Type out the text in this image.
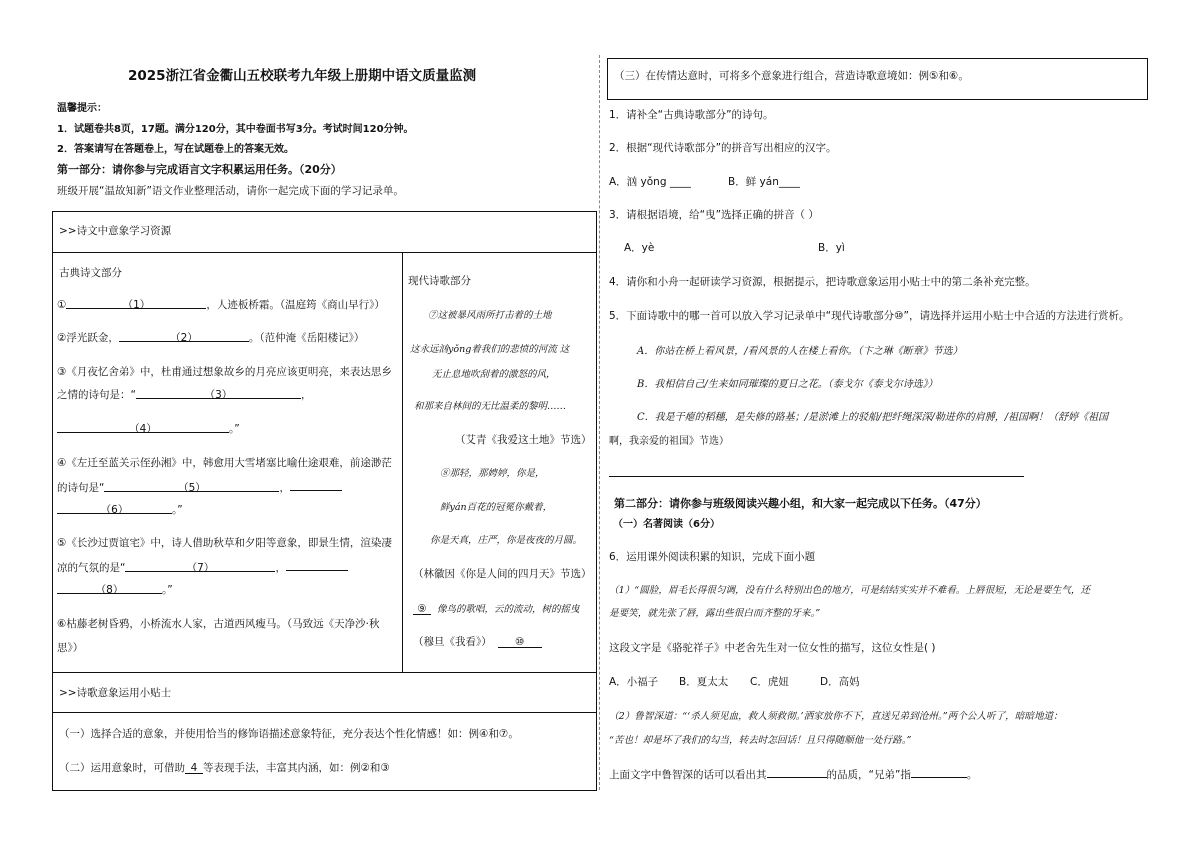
2025浙江省金衢山五校联考九年级上册期中语文质量监测
温馨提示：
1．试题卷共8页，17题。满分120分，其中卷面书写3分。考试时间120分钟。
2．答案请写在答题卷上，写在试题卷上的答案无效。
第一部分：请你参与完成语言文字积累运用任务。（20分）
班级开展“温故知新”语文作业整理活动，请你一起完成下面的学习记录单。
>>诗文中意象学习资源
古典诗文部分
①	（1）	，人迹板桥霜。（温庭筠《商山早行》）
②浮光跃金，	（2）	。（范仲淹《岳阳楼记》）
③《月夜忆舍弟》中，杜甫通过想象故乡的月亮应该更明亮，来表达思乡
之情的诗句是：“	（3）	，
（4）	。”
④《左迁至蓝关示侄孙湘》中，韩愈用大雪堵塞比喻仕途艰难，前途渺茫
的诗句是“	（5）	，
（6）	。”
⑤《长沙过贾谊宅》中，诗人借助秋草和夕阳等意象，即景生情，渲染凄
凉的气氛的是“	（7）	，
（8）	。”
⑥枯藤老树昏鸦，小桥流水人家，古道西风瘦马。（马致远《天净沙·秋
思》）
现代诗歌部分
⑦这被暴风雨所打击着的土地
这永远汹yǒng着我们的悲愤的河流 这
无止息地吹刮着的激怒的风，
和那来自林间的无比温柔的黎明……
（艾青《我爱这土地》节选）
⑧那轻，那娉婷，你是，
鲜yán百花的冠冕你戴着，
你是天真，庄严，你是夜夜的月圆。
（林徽因《你是人间的四月天》节选）
⑨ 像鸟的歌唱，云的流动，树的摇曳
（穆旦《我看》） ⑩
>>诗歌意象运用小贴士
（一）选择合适的意象，并使用恰当的修饰语描述意象特征，充分表达个性化情感！如：例④和⑦。
（二）运用意象时，可借助 4 等表现手法，丰富其内涵，如：例②和③
（三）在传情达意时，可将多个意象进行组合，营造诗歌意境如：例⑤和⑥。
1．请补全“古典诗歌部分”的诗句。
2．根据“现代诗歌部分”的拼音写出相应的汉字。
A．汹 yǒng ____	B．鲜 yán____
3．请根据语境，给“曳”选择正确的拼音（ ）
A．yè	B．yì
4．请你和小舟一起研读学习资源，根据提示，把诗歌意象运用小贴士中的第二条补充完整。
5．下面诗歌中的哪一首可以放入学习记录单中“现代诗歌部分⑩”，请选择并运用小贴士中合适的方法进行赏析。
A．你站在桥上看风景，/看风景的人在楼上看你。（卞之琳《断章》节选）
B．我相信自己/生来如同璀璨的夏日之花。（泰戈尔《泰戈尔诗选》）
C．我是干瘪的稻穗，是失修的路基；/是淤滩上的驳船/把纤绳深深/勒进你的肩膊，/祖国啊！（舒婷《祖国
啊，我亲爱的祖国》节选）
第二部分：请你参与班级阅读兴趣小组，和大家一起完成以下任务。（47分）
（一）名著阅读（6分）
6．运用课外阅读积累的知识，完成下面小题
（1）“圆脸，眉毛长得很匀调，没有什么特别出色的地方，可是结结实实并不难看。上唇很短，无论是要生气，还
是要笑，就先张了唇，露出些很白而齐整的牙来。”
这段文字是《骆驼祥子》中老舍先生对一位女性的描写，这位女性是( )
A．小福子 B．夏太太 C．虎妞	D．高妈
（2）鲁智深道：“‘杀人须见血，救人须救彻。’洒家放你不下，直送兄弟到沧州。”两个公人听了，暗暗地道：
“苦也！却是坏了我们的勾当，转去时怎回话！且只得随顺他一处行路。”
上面文字中鲁智深的话可以看出其	的品质，“兄弟”指	。
